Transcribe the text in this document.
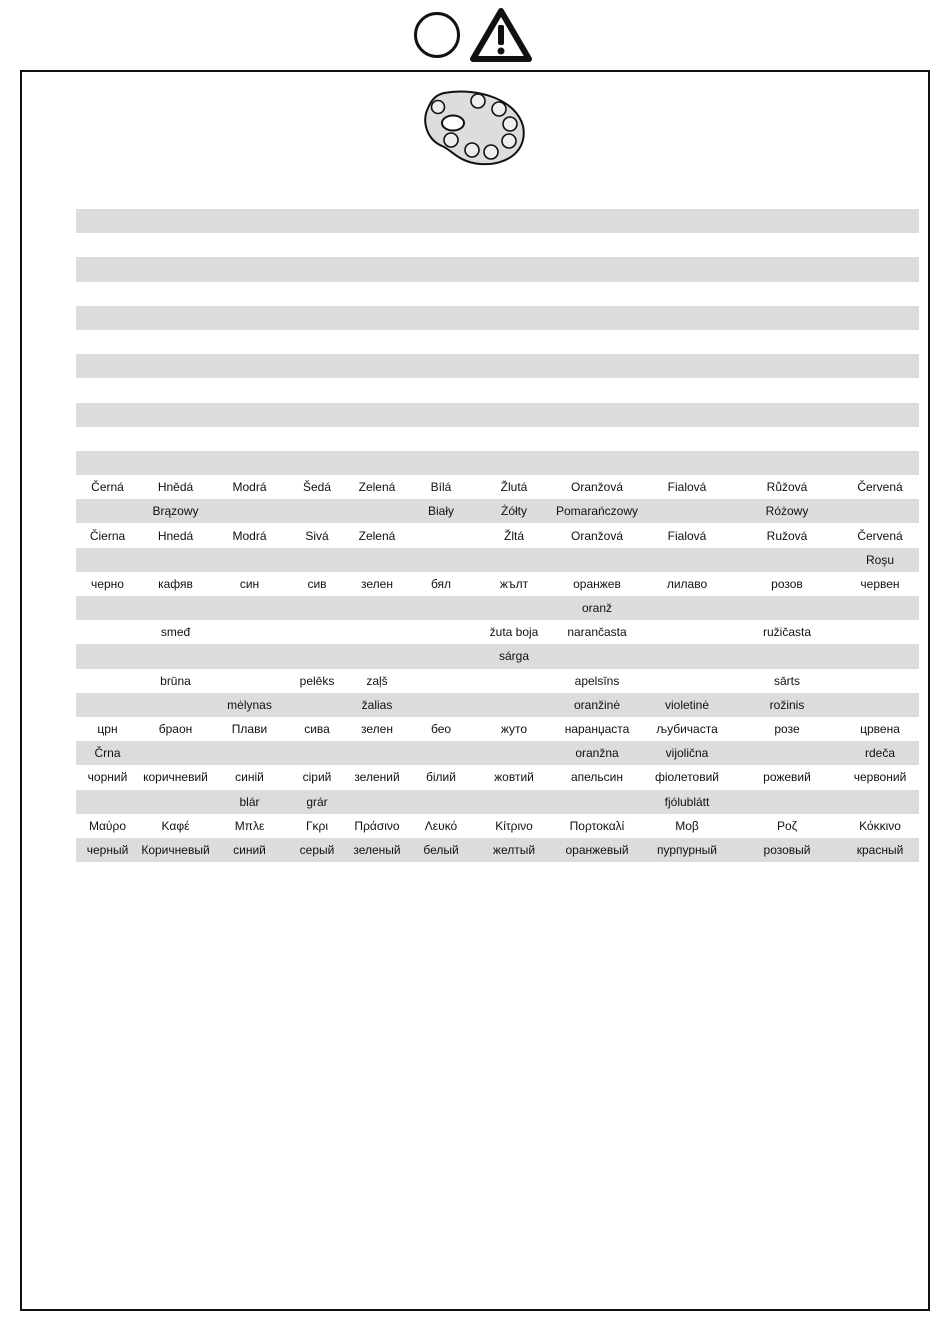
Černá	Hnědá	Modrá	Šedá	Zelená	Bílá	Žlutá	Oranžová	Fialová	Růžová	Červená
	Brązowy				Biały	Żółty	Pomarańczowy		Różowy	
Čierna	Hnedá	Modrá	Sivá	Zelená		Žltá	Oranžová	Fialová	Ružová	Červená
										Roşu
черно	кафяв	син	сив	зелен	бял	жълт	оранжев	лилаво	розов	червен
							oranž			
	smeđ					žuta boja	narančasta		ružičasta	
						sárga				
	brūna		pelēks	zaļš			apelsīns		sārts	
		mėlynas		žalias			oranžinė	violetinė	rožinis	
црн	браон	Плави	сива	зелен	бео	жуто	наранџаста	љубичаста	розе	црвена
Črna							oranžna	vijolična		rdeča
чорний	коричневий	синій	сірий	зелений	білий	жовтий	апельсин	фіолетовий	рожевий	червоний
		blár	grár					fjólublátt		
Μαύρο	Καφέ	Μπλε	Γκρι	Πράσινο	Λευκό	Κίτρινο	Πορτοκαλί	Μοβ	Ροζ	Κόκκινο
черный	Коричневый	синий	серый	зеленый	белый	желтый	оранжевый	пурпурный	розовый	красный
